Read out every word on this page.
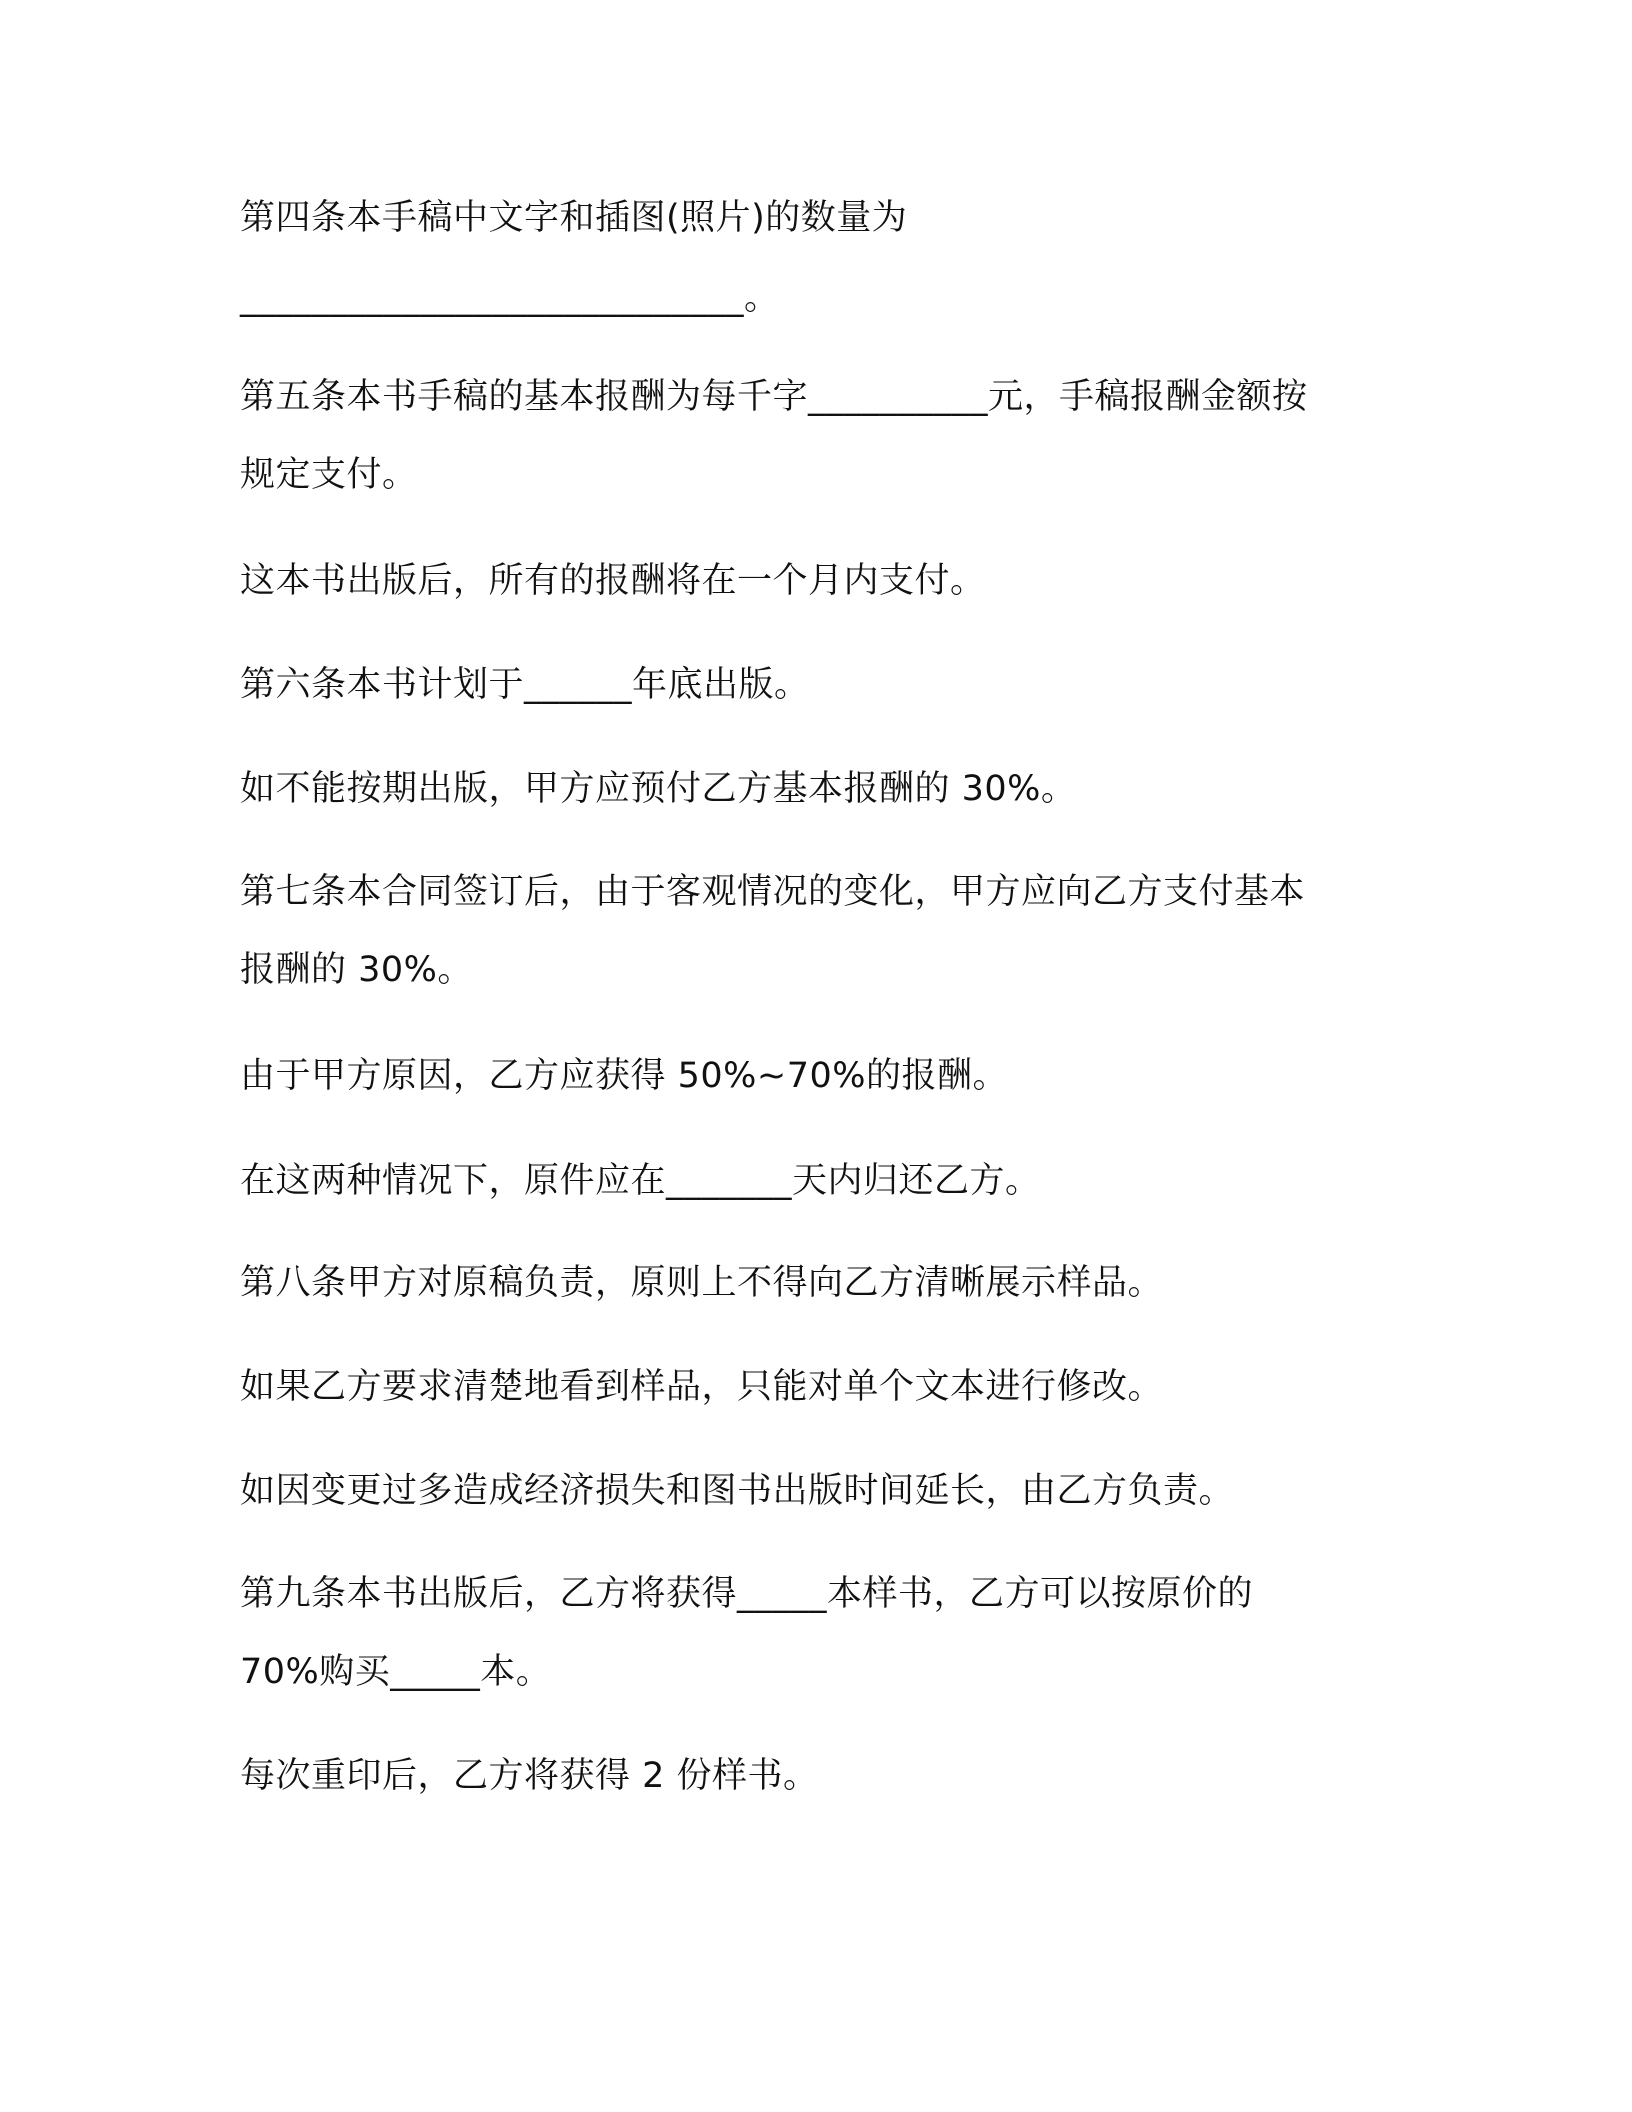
第四条本手稿中文字和插图(照片)的数量为

____________________________。

第五条本书手稿的基本报酬为每千字__________元，手稿报酬金额按

规定支付。

这本书出版后，所有的报酬将在一个月内支付。

第六条本书计划于______年底出版。

如不能按期出版，甲方应预付乙方基本报酬的 30%。

第七条本合同签订后，由于客观情况的变化，甲方应向乙方支付基本

报酬的 30%。

由于甲方原因，乙方应获得 50%~70%的报酬。

在这两种情况下，原件应在_______天内归还乙方。

第八条甲方对原稿负责，原则上不得向乙方清晰展示样品。

如果乙方要求清楚地看到样品，只能对单个文本进行修改。

如因变更过多造成经济损失和图书出版时间延长，由乙方负责。

第九条本书出版后，乙方将获得_____本样书，乙方可以按原价的

70%购买_____本。

每次重印后，乙方将获得 2 份样书。
